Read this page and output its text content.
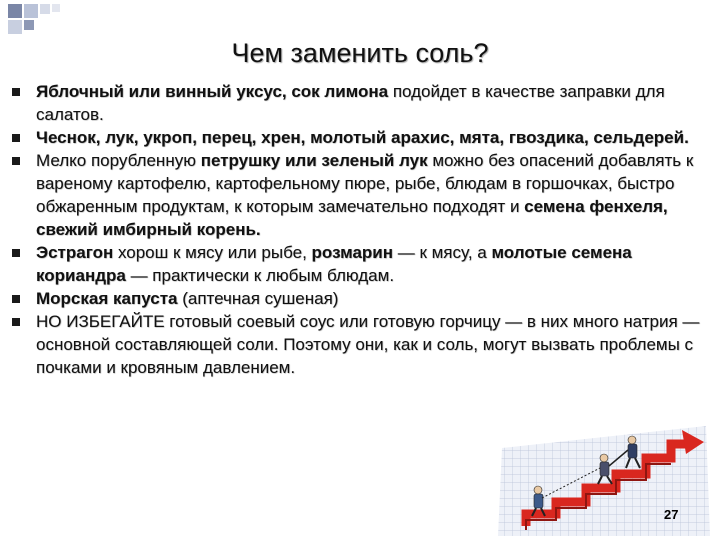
Чем заменить соль?
Яблочный или винный уксус, сок лимона подойдет в качестве заправки для салатов.
Чеснок, лук, укроп, перец, хрен, молотый арахис, мята, гвоздика, сельдерей.
Мелко порубленную петрушку или зеленый лук можно без опасений добавлять к вареному картофелю, картофельному пюре, рыбе, блюдам в горшочках, быстро обжаренным продуктам, к которым замечательно подходят и семена фенхеля, свежий имбирный корень.
Эстрагон хорош к мясу или рыбе, розмарин — к мясу, а молотые семена кориандра — практически к любым блюдам.
Морская капуста (аптечная сушеная)
НО ИЗБЕГАЙТЕ готовый соевый соус или готовую горчицу — в них много натрия — основной составляющей соли. Поэтому они, как и соль, могут вызвать проблемы с почками и кровяным давлением.
27
